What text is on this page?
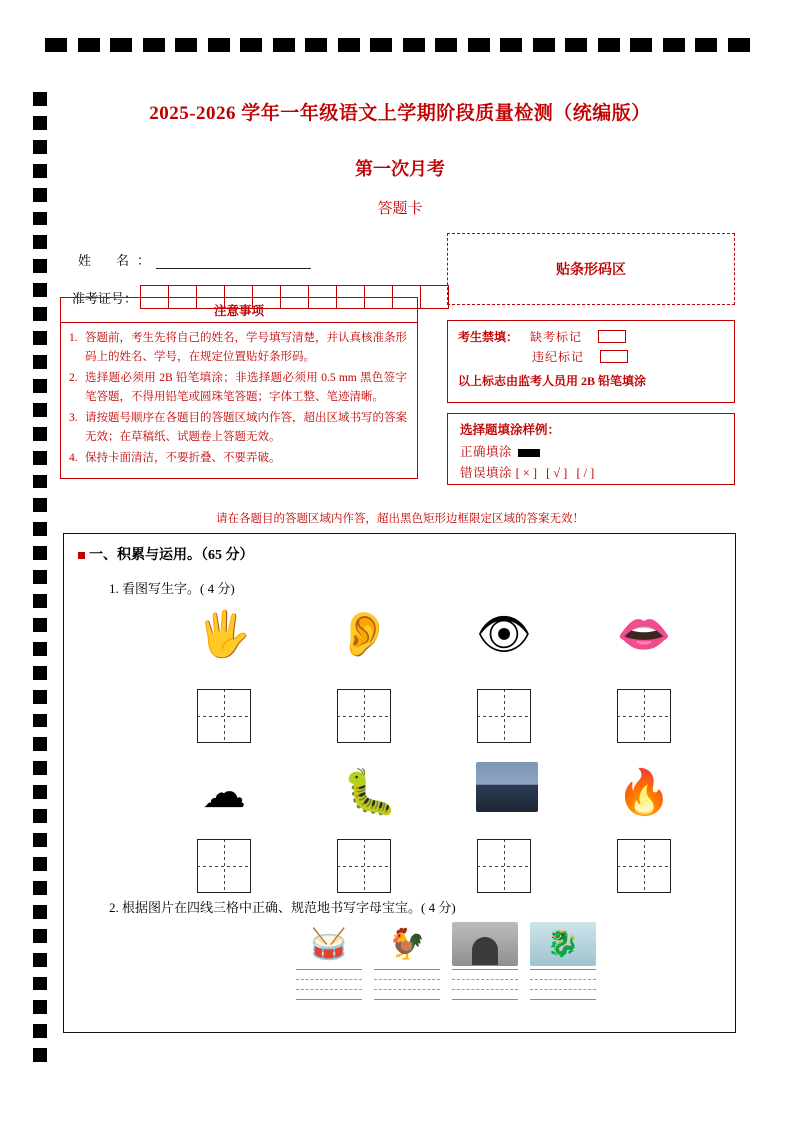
2025-2026 学年一年级语文上学期阶段质量检测（统编版）
第一次月考
答题卡
姓　名 ：
准考证号：
注意事项
1. 答题前，考生先将自己的姓名，学号填写清楚，并认真核准条形码上的姓名、学号，在规定位置贴好条形码。
2. 选择题必须用 2B 铅笔填涂；非选择题必须用 0.5 mm 黑色签字笔答题，不得用铅笔或圆珠笔答题；字体工整、笔迹清晰。
3. 请按题号顺序在各题目的答题区域内作答，超出区域书写的答案无效；在草稿纸、试题卷上答题无效。
4. 保持卡面清洁，不要折叠、不要弄破。
贴条形码区
考生禁填： 缺考标记
违纪标记
以上标志由监考人员用 2B 铅笔填涂
选择题填涂样例：
正确填涂
错误填涂 [×] [√] [/]
请在各题目的答题区域内作答，超出黑色矩形边框限定区域的答案无效！
一、积累与运用。（65 分）
1. 看图写生字。( 4 分)
🖐 👂 👁 👄
☁	🐛	🔥
2. 根据图片在四线三格中正确、规范地书写字母宝宝。( 4 分)
🥁	🐓	🐉
